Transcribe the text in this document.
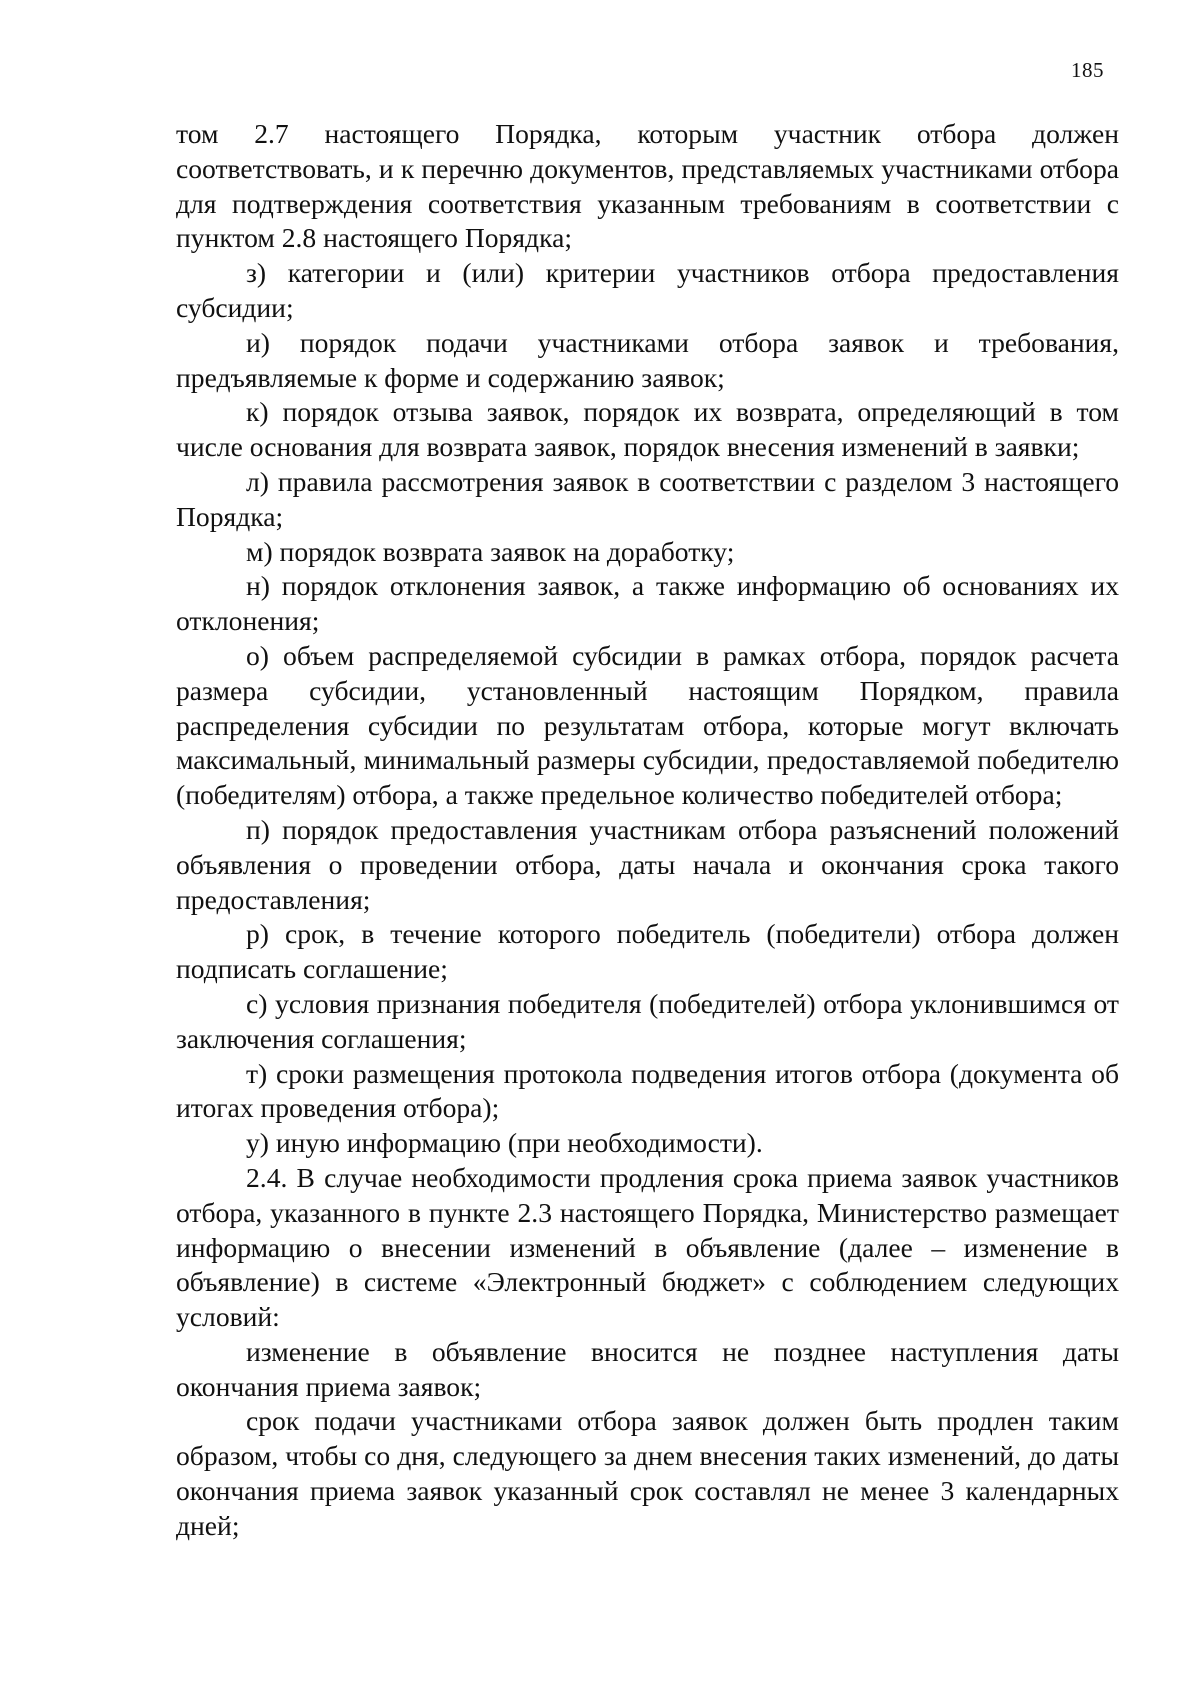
185

том 2.7 настоящего Порядка, которым участник отбора должен соответствовать, и к перечню документов, представляемых участниками отбора для подтверждения соответствия указанным требованиям в соответствии с пунктом 2.8 настоящего Порядка;

з) категории и (или) критерии участников отбора предоставления субсидии;

и) порядок подачи участниками отбора заявок и требования, предъявляемые к форме и содержанию заявок;

к) порядок отзыва заявок, порядок их возврата, определяющий в том числе основания для возврата заявок, порядок внесения изменений в заявки;

л) правила рассмотрения заявок в соответствии с разделом 3 настоящего Порядка;

м) порядок возврата заявок на доработку;

н) порядок отклонения заявок, а также информацию об основаниях их отклонения;

о) объем распределяемой субсидии в рамках отбора, порядок расчета размера субсидии, установленный настоящим Порядком, правила распределения субсидии по результатам отбора, которые могут включать максимальный, минимальный размеры субсидии, предоставляемой победителю (победителям) отбора, а также предельное количество победителей отбора;

п) порядок предоставления участникам отбора разъяснений положений объявления о проведении отбора, даты начала и окончания срока такого предоставления;

р) срок, в течение которого победитель (победители) отбора должен подписать соглашение;

с) условия признания победителя (победителей) отбора уклонившимся от заключения соглашения;

т) сроки размещения протокола подведения итогов отбора (документа об итогах проведения отбора);

у) иную информацию (при необходимости).

2.4. В случае необходимости продления срока приема заявок участников отбора, указанного в пункте 2.3 настоящего Порядка, Министерство размещает информацию о внесении изменений в объявление (далее – изменение в объявление) в системе «Электронный бюджет» с соблюдением следующих условий:

изменение в объявление вносится не позднее наступления даты окончания приема заявок;

срок подачи участниками отбора заявок должен быть продлен таким образом, чтобы со дня, следующего за днем внесения таких изменений, до даты окончания приема заявок указанный срок составлял не менее 3 календарных дней;
